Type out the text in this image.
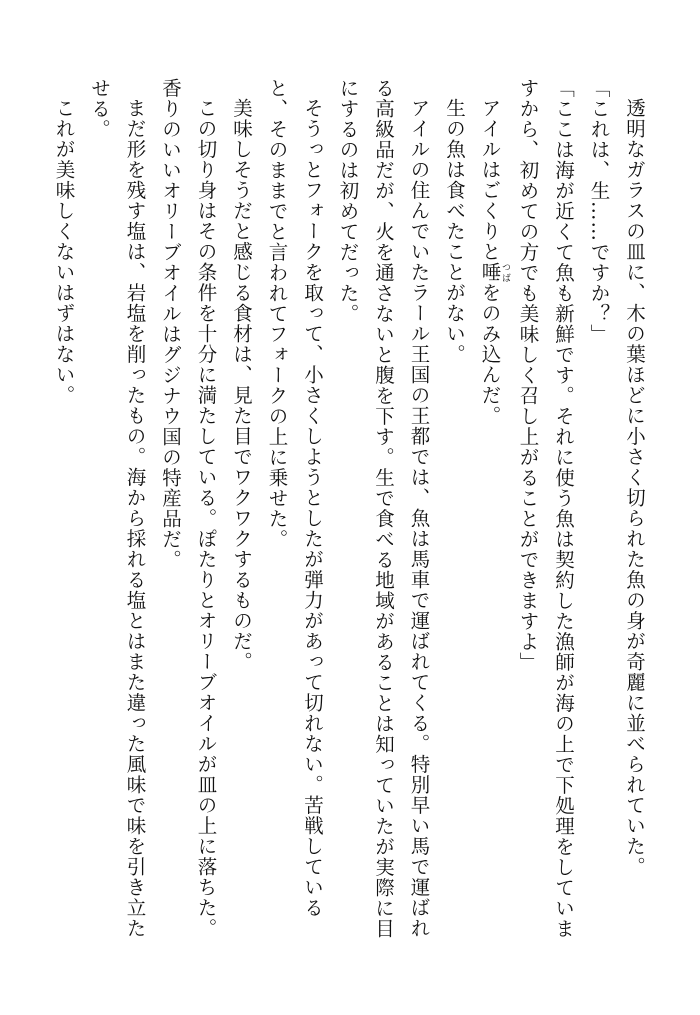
透明なガラスの皿に、木の葉ほどに小さく切られた魚の身が奇麗に並べられていた。
「これは、生……ですか？」
「ここは海が近くて魚も新鮮です。それに使う魚は契約した漁師が海の上で下処理をしていま
すから、初めての方でも美味しく召し上がることができますよ」
アイルはごくりと唾つばをのみ込んだ。
生の魚は食べたことがない。
アイルの住んでいたラール王国の王都では、魚は馬車で運ばれてくる。特別早い馬で運ばれ
る高級品だが、火を通さないと腹を下す。生で食べる地域があることは知っていたが実際に目
にするのは初めてだった。
そうっとフォークを取って、小さくしようとしたが弾力があって切れない。苦戦している
と、そのままでと言われてフォークの上に乗せた。
美味しそうだと感じる食材は、見た目でワクワクするものだ。
この切り身はその条件を十分に満たしている。ぽたりとオリーブオイルが皿の上に落ちた。
香りのいいオリーブオイルはグジナウ国の特産品だ。
まだ形を残す塩は、岩塩を削ったもの。海から採れる塩とはまた違った風味で味を引き立た
せる。
これが美味しくないはずはない。
